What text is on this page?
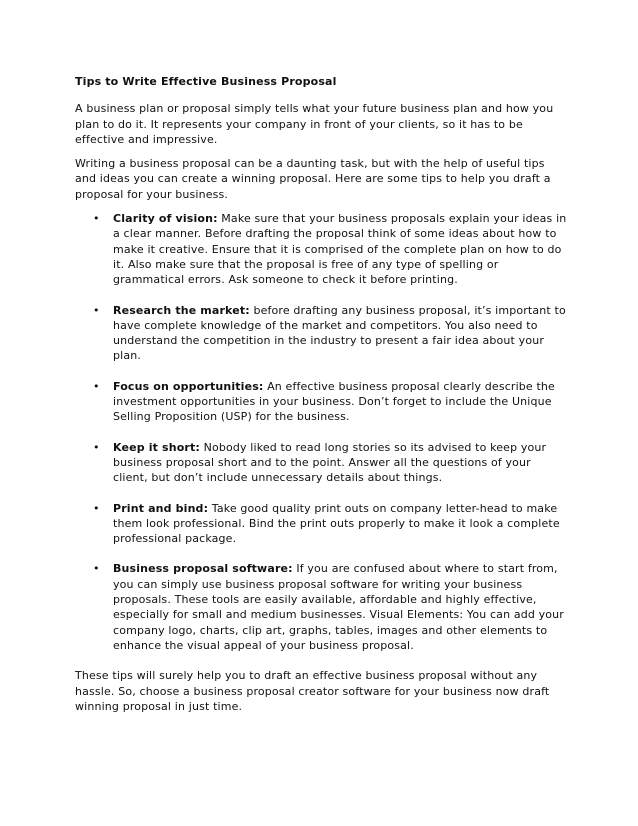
Tips to Write Effective Business Proposal

A business plan or proposal simply tells what your future business plan and how you plan to do it. It represents your company in front of your clients, so it has to be effective and impressive.

Writing a business proposal can be a daunting task, but with the help of useful tips and ideas you can create a winning proposal. Here are some tips to help you draft a proposal for your business.

• Clarity of vision: Make sure that your business proposals explain your ideas in a clear manner. Before drafting the proposal think of some ideas about how to make it creative. Ensure that it is comprised of the complete plan on how to do it. Also make sure that the proposal is free of any type of spelling or grammatical errors. Ask someone to check it before printing.
• Research the market: before drafting any business proposal, it’s important to have complete knowledge of the market and competitors. You also need to understand the competition in the industry to present a fair idea about your plan.
• Focus on opportunities: An effective business proposal clearly describe the investment opportunities in your business. Don’t forget to include the Unique Selling Proposition (USP) for the business.
• Keep it short: Nobody liked to read long stories so its advised to keep your business proposal short and to the point. Answer all the questions of your client, but don’t include unnecessary details about things.
• Print and bind: Take good quality print outs on company letter-head to make them look professional. Bind the print outs properly to make it look a complete professional package.
• Business proposal software: If you are confused about where to start from, you can simply use business proposal software for writing your business proposals. These tools are easily available, affordable and highly effective, especially for small and medium businesses. Visual Elements: You can add your company logo, charts, clip art, graphs, tables, images and other elements to enhance the visual appeal of your business proposal.

These tips will surely help you to draft an effective business proposal without any hassle. So, choose a business proposal creator software for your business now draft winning proposal in just time.
